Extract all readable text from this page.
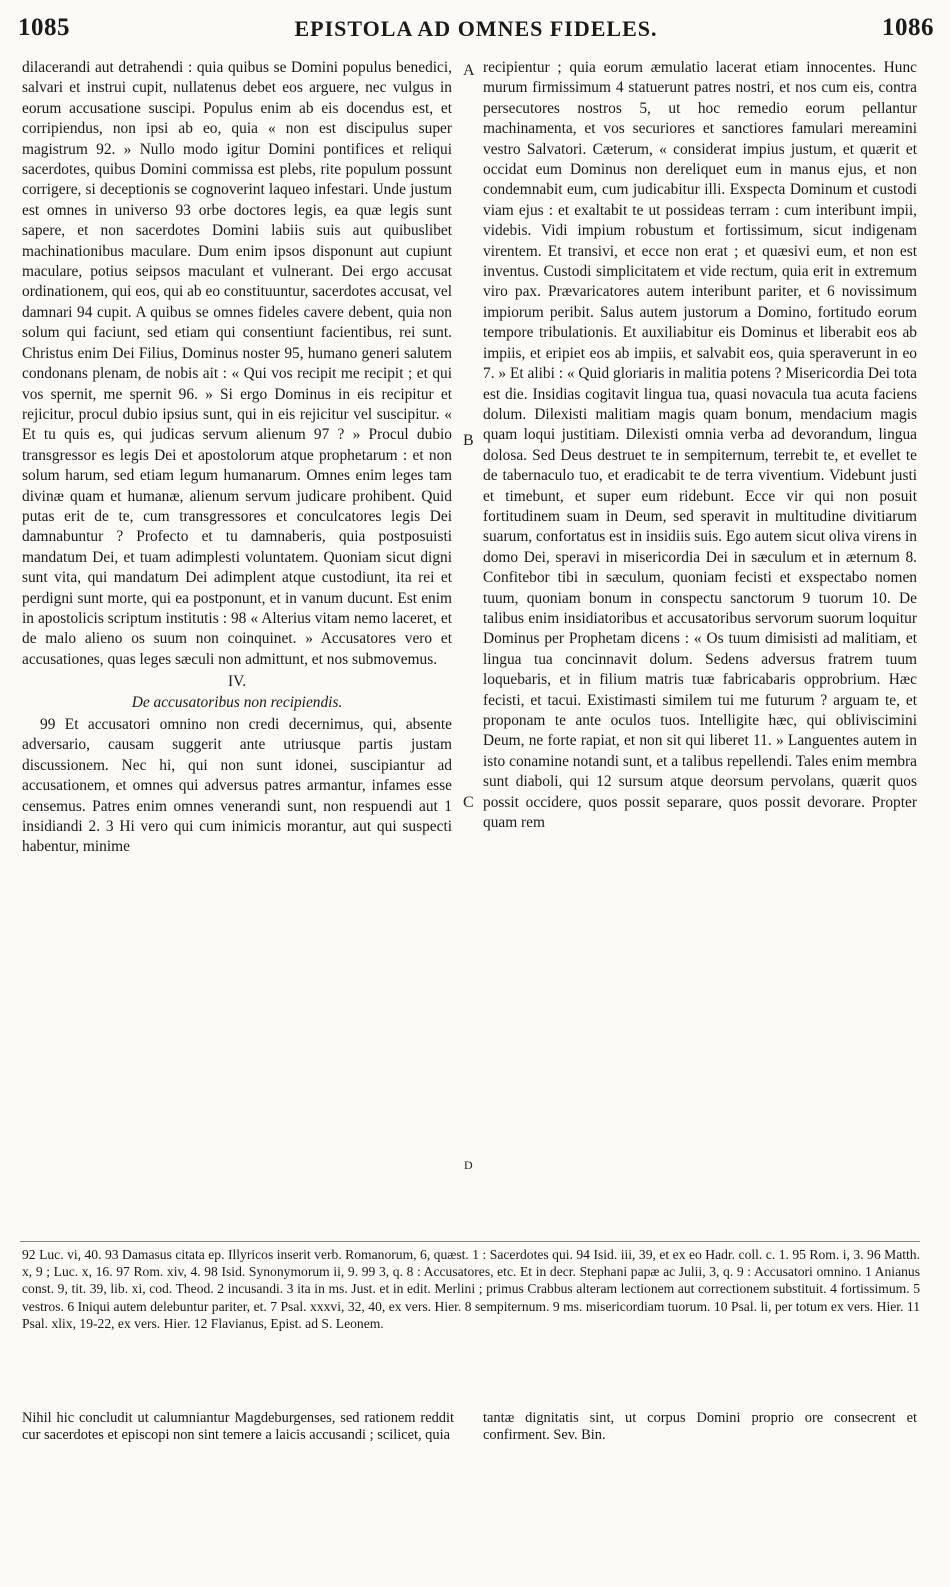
1085	EPISTOLA AD OMNES FIDELES.	1086

dilacerandi aut detrahendi : quia quibus se Domini populus benedici, salvari et instrui cupit, nullatenus debet eos arguere, nec vulgus in eorum accusatione suscipi. Populus enim ab eis docendus est, et corripiendus, non ipsi ab eo, quia « non est discipulus super magistrum 92. » Nullo modo igitur Domini pontifices et reliqui sacerdotes, quibus Domini commissa est plebs, rite populum possunt corrigere, si deceptionis se cognoverint laqueo infestari. Unde justum est omnes in universo 93 orbe doctores legis, ea quæ legis sunt sapere, et non sacerdotes Domini labiis suis aut quibuslibet machinationibus maculare. Dum enim ipsos disponunt aut cupiunt maculare, potius seipsos maculant et vulnerant. Dei ergo accusat ordinationem, qui eos, qui ab eo constituuntur, sacerdotes accusat, vel damnari 94 cupit. A quibus se omnes fideles cavere debent, quia non solum qui faciunt, sed etiam qui consentiunt facientibus, rei sunt. Christus enim Dei Filius, Dominus noster 95, humano generi salutem condonans plenam, de nobis ait : « Qui vos recipit me recipit ; et qui vos spernit, me spernit 96. » Si ergo Dominus in eis recipitur et rejicitur, procul dubio ipsius sunt, qui in eis rejicitur vel suscipitur. « Et tu quis es, qui judicas servum alienum 97 ? » Procul dubio transgressor es legis Dei et apostolorum atque prophetarum : et non solum harum, sed etiam legum humanarum. Omnes enim leges tam divinæ quam et humanæ, alienum servum judicare prohibent. Quid putas erit de te, cum transgressores et conculcatores legis Dei damnabuntur ? Profecto et tu damnaberis, quia postposuisti mandatum Dei, et tuam adimplesti voluntatem. Quoniam sicut digni sunt vita, qui mandatum Dei adimplent atque custodiunt, ita rei et perdigni sunt morte, qui ea postponunt, et in vanum ducunt. Est enim in apostolicis scriptum institutis : 98 « Alterius vitam nemo laceret, et de malo alieno os suum non coinquinet. » Accusatores vero et accusationes, quas leges sæculi non admittunt, et nos submovemus.

IV.
De accusatoribus non recipiendis.

99 Et accusatori omnino non credi decernimus, qui, absente adversario, causam suggerit ante utriusque partis justam discussionem. Nec hi, qui non sunt idonei, suscipiantur ad accusationem, et omnes qui adversus patres armantur, infames esse censemus. Patres enim omnes venerandi sunt, non respuendi aut 1 insidiandi 2. 3 Hi vero qui cum inimicis morantur, aut qui suspecti habentur, minime

recipientur ; quia eorum æmulatio lacerat etiam innocentes. Hunc murum firmissimum 4 statuerunt patres nostri, et nos cum eis, contra persecutores nostros 5, ut hoc remedio eorum pellantur machinamenta, et vos securiores et sanctiores famulari mereamini vestro Salvatori. Cæterum, « considerat impius justum, et quærit et occidat eum Dominus non dereliquet eum in manus ejus, et non condemnabit eum, cum judicabitur illi. Exspecta Dominum et custodi viam ejus : et exaltabit te ut possideas terram : cum interibunt impii, videbis. Vidi impium robustum et fortissimum, sicut indigenam virentem. Et transivi, et ecce non erat ; et quæsivi eum, et non est inventus. Custodi simplicitatem et vide rectum, quia erit in extremum viro pax. Prævaricatores autem interibunt pariter, et 6 novissimum impiorum peribit. Salus autem justorum a Domino, fortitudo eorum tempore tribulationis. Et auxiliabitur eis Dominus et liberabit eos ab impiis, et eripiet eos ab impiis, et salvabit eos, quia speraverunt in eo 7. » Et alibi : « Quid gloriaris in malitia potens ? Misericordia Dei tota est die. Insidias cogitavit lingua tua, quasi novacula tua acuta faciens dolum. Dilexisti malitiam magis quam bonum, mendacium magis quam loqui justitiam. Dilexisti omnia verba ad devorandum, lingua dolosa. Sed Deus destruet te in sempiternum, terrebit te, et evellet te de tabernaculo tuo, et eradicabit te de terra viventium. Videbunt justi et timebunt, et super eum ridebunt. Ecce vir qui non posuit fortitudinem suam in Deum, sed speravit in multitudine divitiarum suarum, confortatus est in insidiis suis. Ego autem sicut oliva virens in domo Dei, speravi in misericordia Dei in sæculum et in æternum 8. Confitebor tibi in sæculum, quoniam fecisti et exspectabo nomen tuum, quoniam bonum in conspectu sanctorum 9 tuorum 10. De talibus enim insidiatoribus et accusatoribus servorum suorum loquitur Dominus per Prophetam dicens : « Os tuum dimisisti ad malitiam, et lingua tua concinnavit dolum. Sedens adversus fratrem tuum loquebaris, et in filium matris tuæ fabricabaris opprobrium. Hæc fecisti, et tacui. Existimasti similem tui me futurum ? arguam te, et proponam te ante oculos tuos. Intelligite hæc, qui obliviscimini Deum, ne forte rapiat, et non sit qui liberet 11. » Languentes autem in isto conamine notandi sunt, et a talibus repellendi. Tales enim membra sunt diaboli, qui 12 sursum atque deorsum pervolans, quærit quos possit occidere, quos possit separare, quos possit devorare. Propter quam rem

A
B
C
D

92 Luc. vi, 40. 93 Damasus citata ep. Illyricos inserit verb. Romanorum, 6, quæst. 1 : Sacerdotes qui. 94 Isid. iii, 39, et ex eo Hadr. coll. c. 1. 95 Rom. i, 3. 96 Matth. x, 9 ; Luc. x, 16. 97 Rom. xiv, 4. 98 Isid. Synonymorum ii, 9. 99 3, q. 8 : Accusatores, etc. Et in decr. Stephani papæ ac Julii, 3, q. 9 : Accusatori omnino. 1 Anianus const. 9, tit. 39, lib. xi, cod. Theod. 2 incusandi. 3 ita in ms. Just. et in edit. Merlini ; primus Crabbus alteram lectionem aut correctionem substituit. 4 fortissimum. 5 vestros. 6 Iniqui autem delebuntur pariter, et. 7 Psal. xxxvi, 32, 40, ex vers. Hier. 8 sempiternum. 9 ms. misericordiam tuorum. 10 Psal. li, per totum ex vers. Hier. 11 Psal. xlix, 19-22, ex vers. Hier. 12 Flavianus, Epist. ad S. Leonem.

Nihil hic concludit ut calumniantur Magdeburgenses, sed rationem reddit cur sacerdotes et episcopi non sint temere a laicis accusandi ; scilicet, quia

tantæ dignitatis sint, ut corpus Domini proprio ore consecrent et confirment. Sev. Bin.
